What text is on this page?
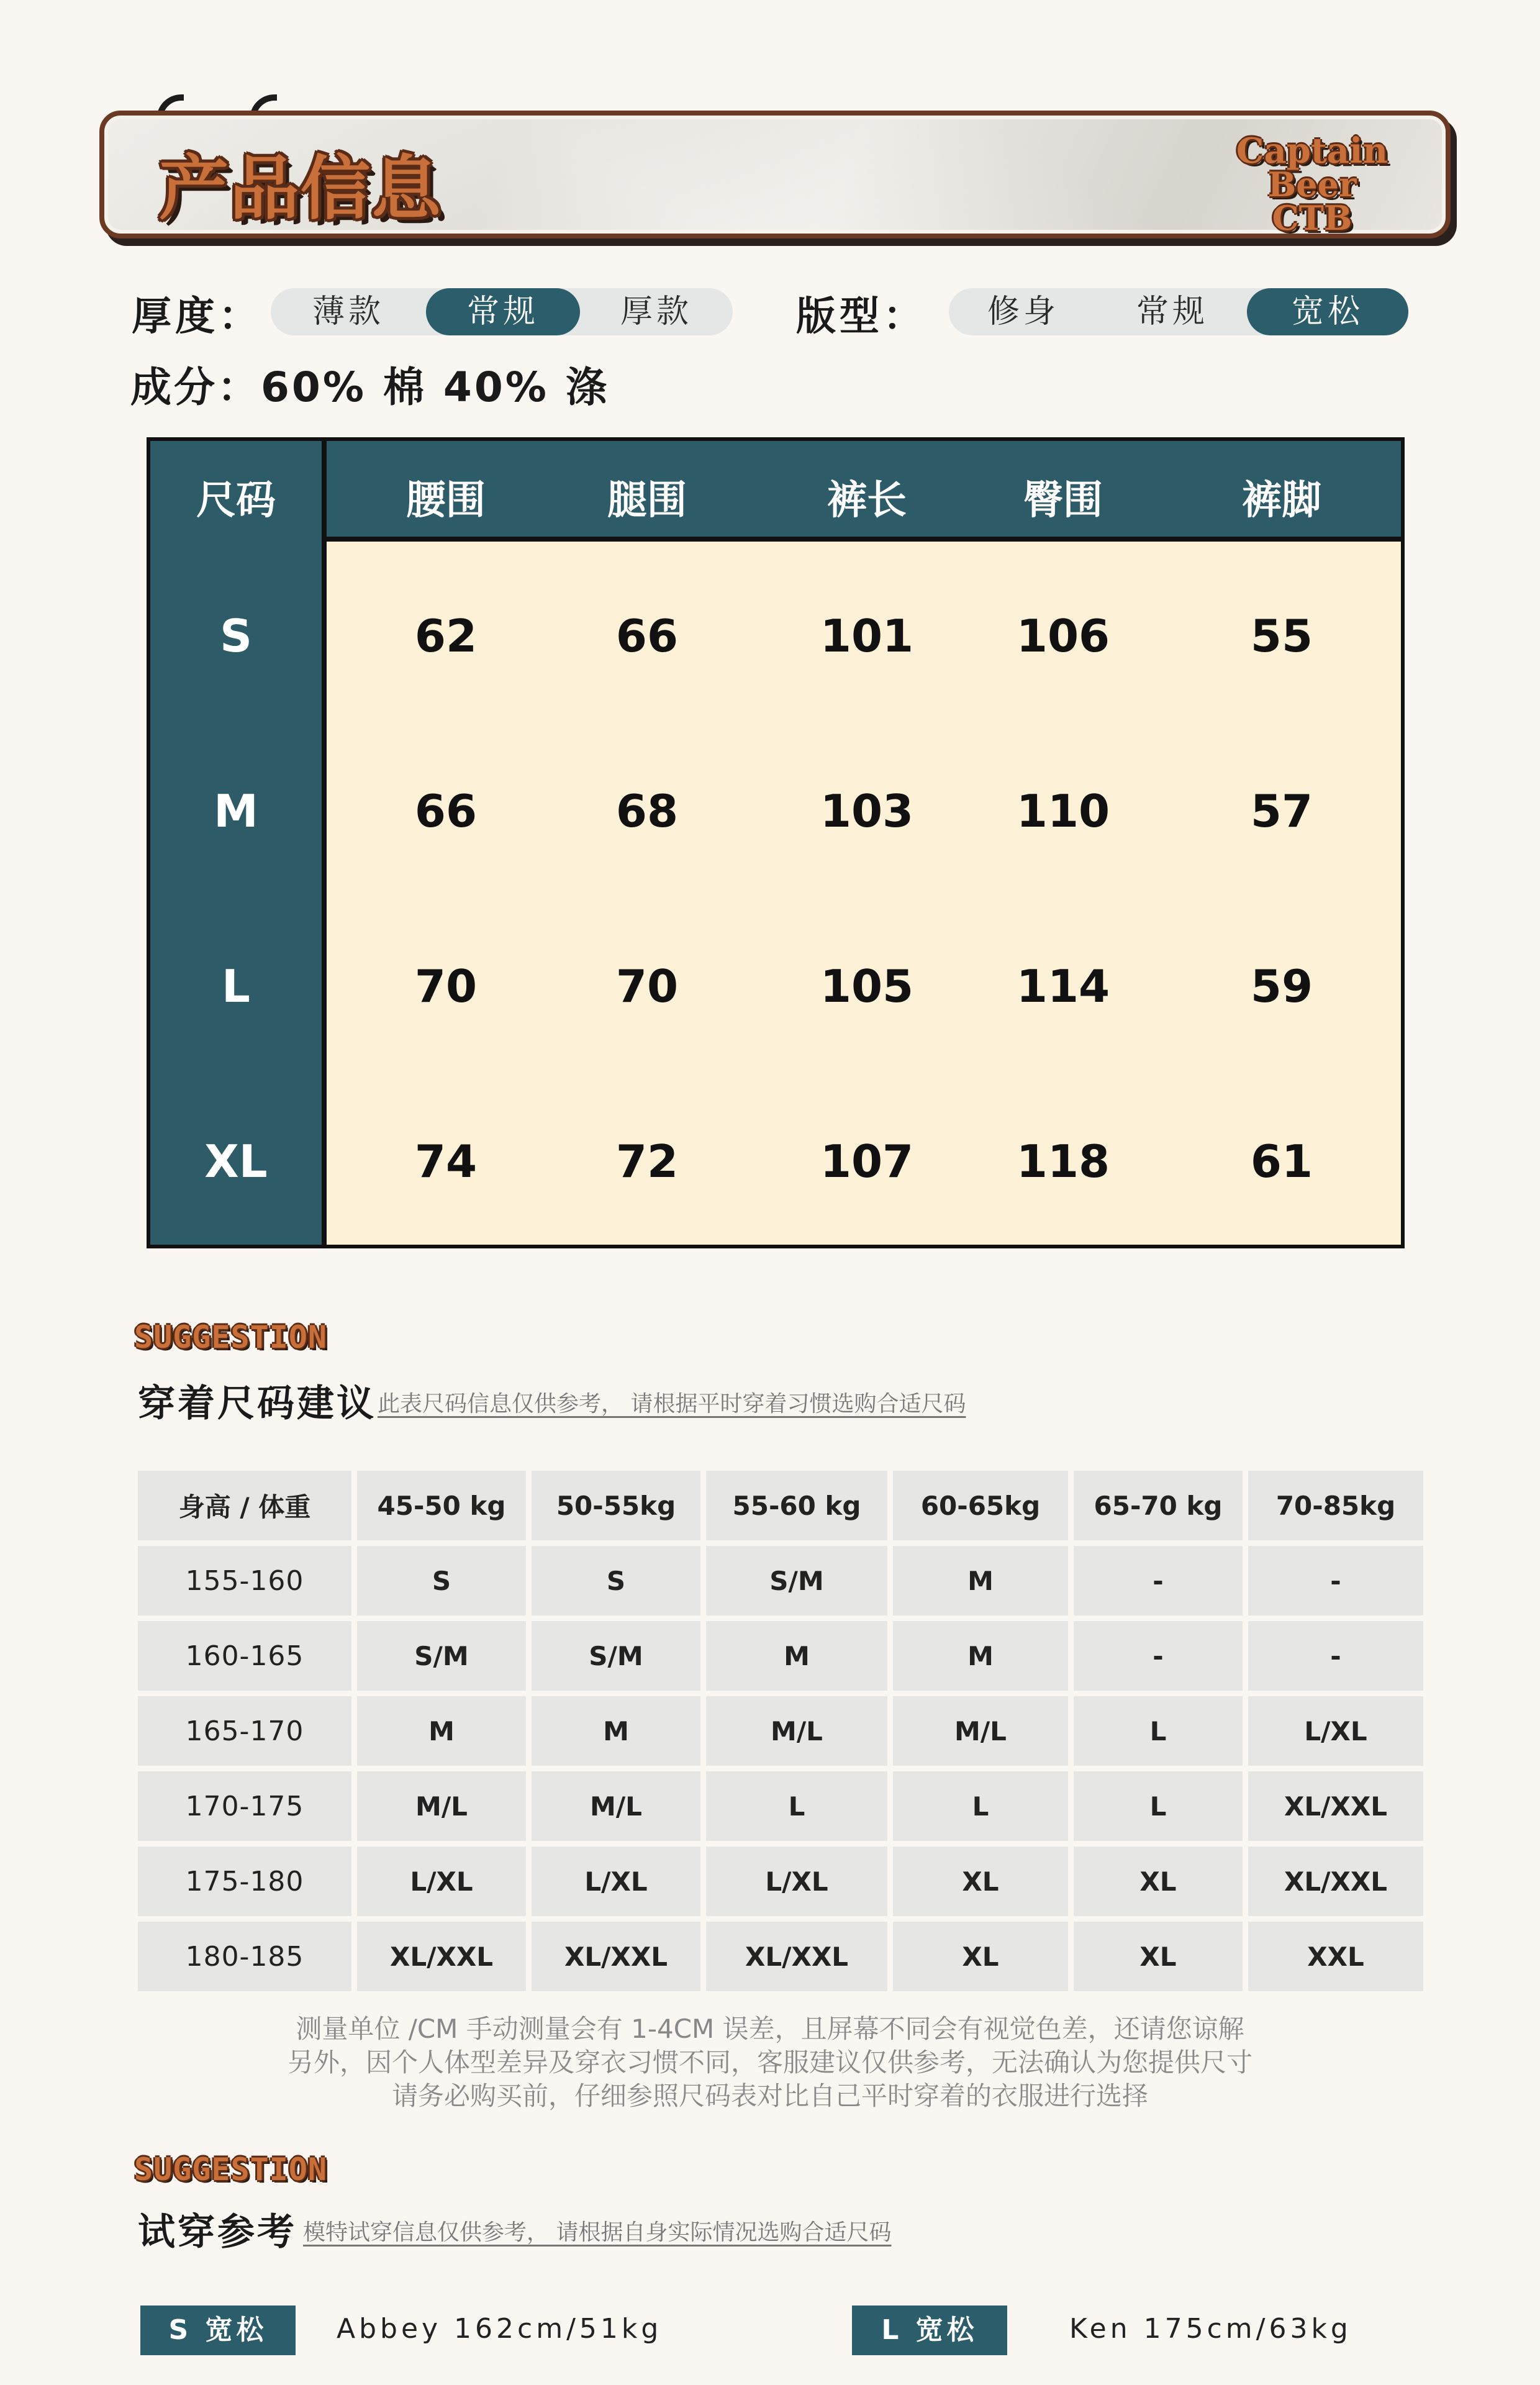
产品信息	Captain
Beer CTB
厚度：	薄款	常规	厚款	版型：	修身	常规	宽松
成分：60% 棉 40% 涤
尺码	腰围	腿围	裤长	臀围	裤脚
S	62	66	101	106	55
M	66	68	103	110	57
L	70	70	105	114	59
XL	74	72	107	118	61
SUGGESTION
穿着尺码建议 此表尺码信息仅供参考， 请根据平时穿着习惯选购合适尺码
身高 / 体重	45-50 kg	50-55kg	55-60 kg	60-65kg	65-70 kg	70-85kg
155-160	S	S	S/M	M	-	-
160-165	S/M	S/M	M	M	-	-
165-170	M	M	M/L	M/L	L	L/XL
170-175	M/L	M/L	L	L	L	XL/XXL
175-180	L/XL	L/XL	L/XL	XL	XL	XL/XXL
180-185	XL/XXL	XL/XXL	XL/XXL	XL	XL	XXL
测量单位 /CM 手动测量会有 1-4CM 误差，且屏幕不同会有视觉色差，还请您谅解
另外，因个人体型差异及穿衣习惯不同，客服建议仅供参考，无法确认为您提供尺寸
请务必购买前，仔细参照尺码表对比自己平时穿着的衣服进行选择
SUGGESTION
试穿参考 模特试穿信息仅供参考， 请根据自身实际情况选购合适尺码
S 宽松	Abbey 162cm/51kg	L 宽松	Ken 175cm/63kg
